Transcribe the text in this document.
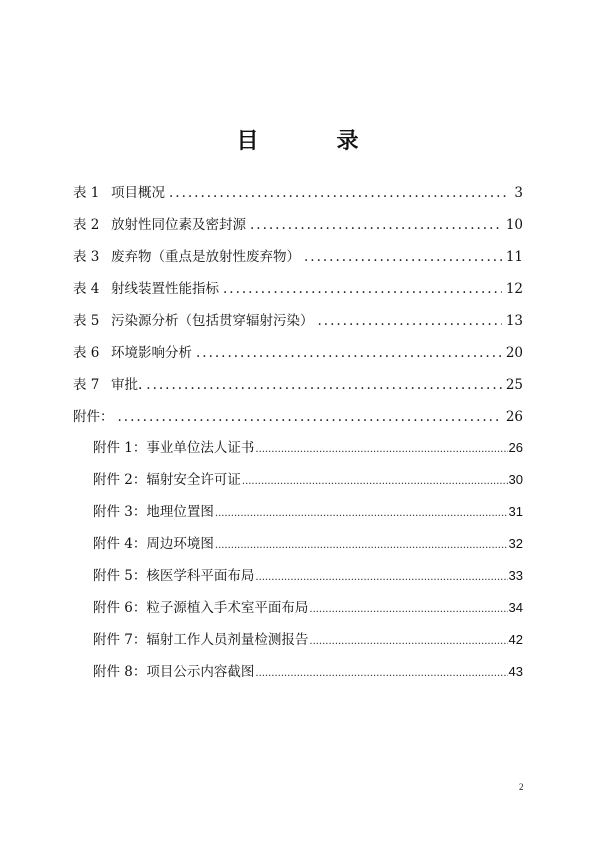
目	录
表 1 项目概况 .....	3
表 2 放射性同位素及密封源 .....	10
表 3 废弃物（重点是放射性废弃物） .....	11
表 4 射线装置性能指标 .....	12
表 5 污染源分析（包括贯穿辐射污染） .....	13
表 6 环境影响分析 .....	20
表 7 审批. .....	25
附件： .....	26
附件 1：事业单位法人证书 .....	26
附件 2：辐射安全许可证 .....	30
附件 3：地理位置图 .....	31
附件 4：周边环境图 .....	32
附件 5：核医学科平面布局 .....	33
附件 6：粒子源植入手术室平面布局 .....	34
附件 7：辐射工作人员剂量检测报告 .....	42
附件 8：项目公示内容截图 .....	43
2
